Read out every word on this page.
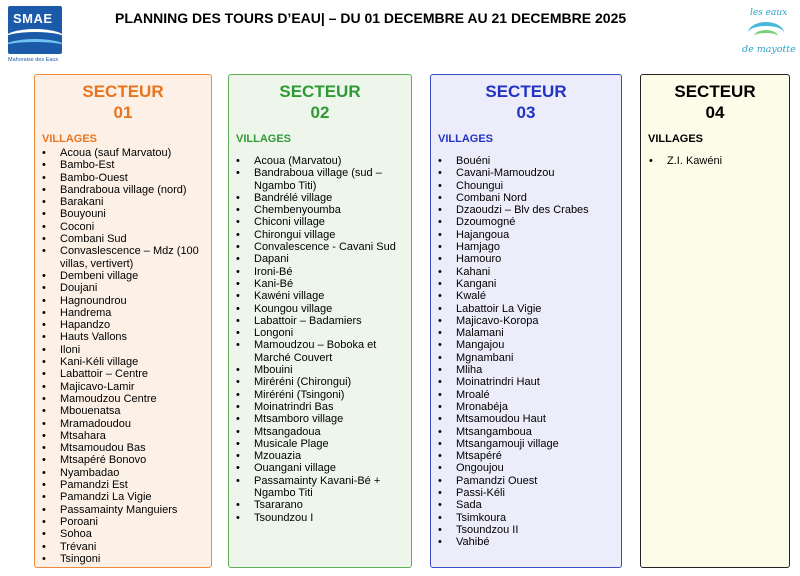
SMAE
Mahoraise des Eaux
PLANNING DES TOURS D’EAU| – DU 01 DECEMBRE AU 21 DECEMBRE 2025	les eaux
de mayotte
SECTEUR
01
VILLAGES
• Acoua (sauf Marvatou)
• Bambo-Est
• Bambo-Ouest
• Bandraboua village (nord)
• Barakani
• Bouyouni
• Coconi
• Combani Sud
• Convaslescence – Mdz (100 villas, vertivert)
• Dembeni village
• Doujani
• Hagnoundrou
• Handrema
• Hapandzo
• Hauts Vallons
• Iloni
• Kani-Kéli village
• Labattoir – Centre
• Majicavo-Lamir
• Mamoudzou Centre
• Mbouenatsa
• Mramadoudou
• Mtsahara
• Mtsamoudou Bas
• Mtsapéré Bonovo
• Nyambadao
• Pamandzi Est
• Pamandzi La Vigie
• Passamainty Manguiers
• Poroani
• Sohoa
• Trévani
• Tsingoni
SECTEUR
02
VILLAGES
• Acoua (Marvatou)
• Bandraboua village (sud – Ngambo Titi)
• Bandrélé village
• Chembenyoumba
• Chiconi village
• Chirongui village
• Convalescence - Cavani Sud
• Dapani
• Ironi-Bé
• Kani-Bé
• Kawéni village
• Koungou village
• Labattoir – Badamiers
• Longoni
• Mamoudzou – Boboka et Marché Couvert
• Mbouini
• Miréréni (Chirongui)
• Miréréni (Tsingoni)
• Moinatrindri Bas
• Mtsamboro village
• Mtsangadoua
• Musicale Plage
• Mzouazia
• Ouangani village
• Passamainty Kavani-Bé + Ngambo Titi
• Tsararano
• Tsoundzou I
SECTEUR
03
VILLAGES
• Bouéni
• Cavani-Mamoudzou
• Choungui
• Combani Nord
• Dzaoudzi – Blv des Crabes
• Dzoumogné
• Hajangoua
• Hamjago
• Hamouro
• Kahani
• Kangani
• Kwalé
• Labattoir La Vigie
• Majicavo-Koropa
• Malamani
• Mangajou
• Mgnambani
• Mliha
• Moinatrindri Haut
• Mroalé
• Mronabéja
• Mtsamoudou Haut
• Mtsangamboua
• Mtsangamouji village
• Mtsapéré
• Ongoujou
• Pamandzi Ouest
• Passi-Kéli
• Sada
• Tsimkoura
• Tsoundzou II
• Vahibé
SECTEUR
04
VILLAGES
• Z.I. Kawéni
